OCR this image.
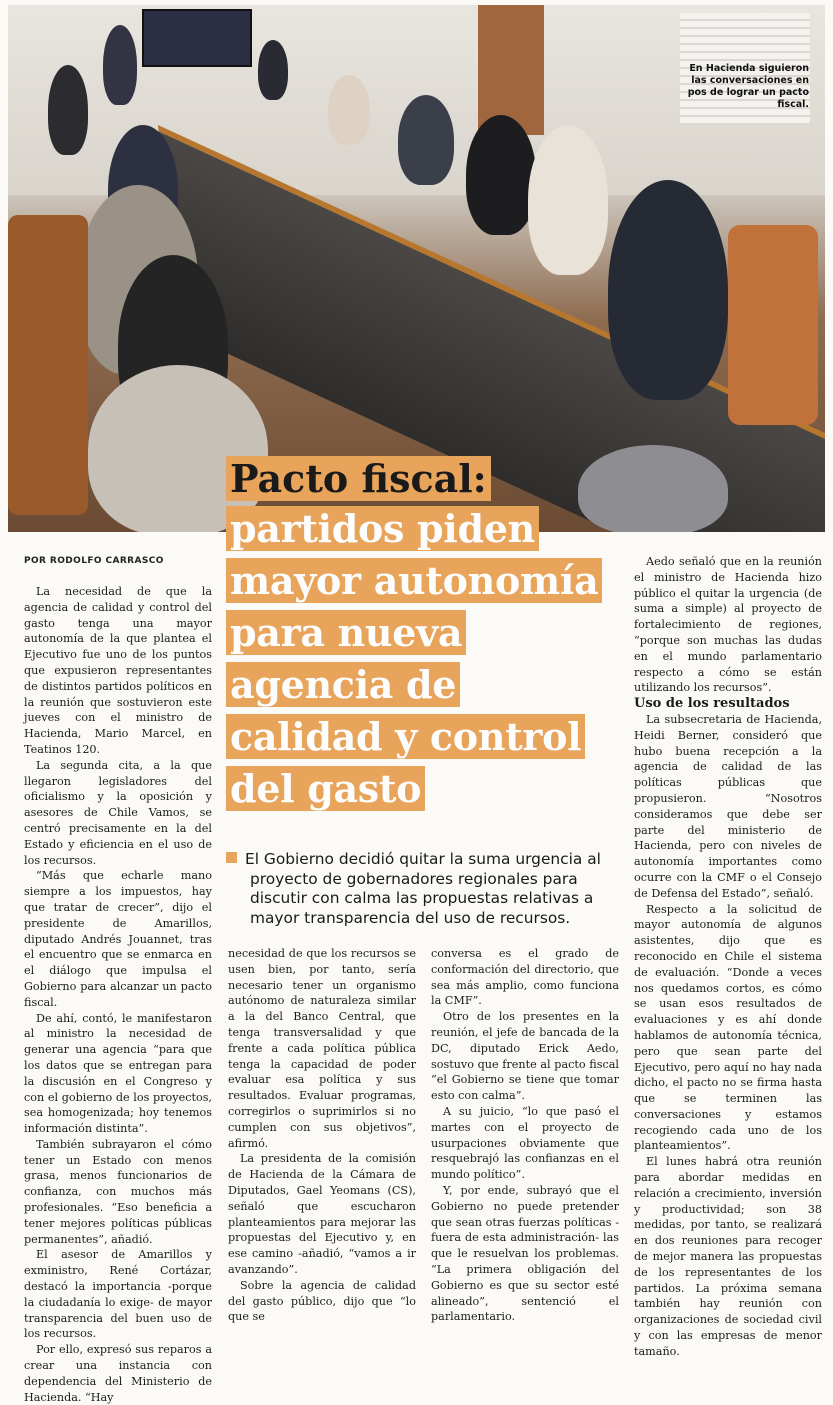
En Hacienda siguieron las conversaciones en pos de lograr un pacto fiscal.
Pacto fiscal:
partidos piden
mayor autonomía
para nueva
agencia de
calidad y control
del gasto
POR RODOLFO CARRASCO
El Gobierno decidió quitar la suma urgencia al proyecto de gobernadores regionales para discutir con calma las propuestas relativas a mayor transparencia del uso de recursos.

La necesidad de que la agencia de calidad y control del gasto tenga una mayor autonomía de la que plantea el Ejecutivo fue uno de los puntos que expusieron representantes de distintos partidos políticos en la reunión que sostuvieron este jueves con el ministro de Hacienda, Mario Marcel, en Teatinos 120.

La segunda cita, a la que llegaron legisladores del oficialismo y la oposición y asesores de Chile Vamos, se centró precisamente en la del Estado y eficiencia en el uso de los recursos.

“Más que echarle mano siempre a los impuestos, hay que tratar de crecer”, dijo el presidente de Amarillos, diputado Andrés Jouannet, tras el encuentro que se enmarca en el diálogo que impulsa el Gobierno para alcanzar un pacto fiscal.

De ahí, contó, le manifestaron al ministro la necesidad de generar una agencia “para que los datos que se entregan para la discusión en el Congreso y con el gobierno de los proyectos, sea homogenizada; hoy tenemos información distinta”.

También subrayaron el cómo tener un Estado con menos grasa, menos funcionarios de confianza, con muchos más profesionales. “Eso beneficia a tener mejores políticas públicas permanentes”, añadió.

El asesor de Amarillos y exministro, René Cortázar, destacó la importancia -porque la ciudadanía lo exige- de mayor transparencia del buen uso de los recursos.

Por ello, expresó sus reparos a crear una instancia con dependencia del Ministerio de Hacienda. “Hay

necesidad de que los recursos se usen bien, por tanto, sería necesario tener un organismo autónomo de naturaleza similar a la del Banco Central, que tenga transversalidad y que frente a cada política pública tenga la capacidad de poder evaluar esa política y sus resultados. Evaluar programas, corregirlos o suprimirlos si no cumplen con sus objetivos”, afirmó.

La presidenta de la comisión de Hacienda de la Cámara de Diputados, Gael Yeomans (CS), señaló que escucharon planteamientos para mejorar las propuestas del Ejecutivo y, en ese camino -añadió, “vamos a ir avanzando”.

Sobre la agencia de calidad del gasto público, dijo que “lo que se

conversa es el grado de conformación del directorio, que sea más amplio, como funciona la CMF”.

Otro de los presentes en la reunión, el jefe de bancada de la DC, diputado Erick Aedo, sostuvo que frente al pacto fiscal “el Gobierno se tiene que tomar esto con calma”.

A su juicio, “lo que pasó el martes con el proyecto de usurpaciones obviamente que resquebrajó las confianzas en el mundo político”.

Y, por ende, subrayó que el Gobierno no puede pretender que sean otras fuerzas políticas -fuera de esta administración- las que le resuelvan los problemas. “La primera obligación del Gobierno es que su sector esté alineado”, sentenció el parlamentario.

Aedo señaló que en la reunión el ministro de Hacienda hizo público el quitar la urgencia (de suma a simple) al proyecto de fortalecimiento de regiones, “porque son muchas las dudas en el mundo parlamentario respecto a cómo se están utilizando los recursos”.

Uso de los resultados

La subsecretaria de Hacienda, Heidi Berner, consideró que hubo buena recepción a la agencia de calidad de las políticas públicas que propusieron. “Nosotros consideramos que debe ser parte del ministerio de Hacienda, pero con niveles de autonomía importantes como ocurre con la CMF o el Consejo de Defensa del Estado”, señaló.

Respecto a la solicitud de mayor autonomía de algunos asistentes, dijo que es reconocido en Chile el sistema de evaluación. “Donde a veces nos quedamos cortos, es cómo se usan esos resultados de evaluaciones y es ahí donde hablamos de autonomía técnica, pero que sean parte del Ejecutivo, pero aquí no hay nada dicho, el pacto no se firma hasta que se terminen las conversaciones y estamos recogiendo cada uno de los planteamientos”.

El lunes habrá otra reunión para abordar medidas en relación a crecimiento, inversión y productividad; son 38 medidas, por tanto, se realizará en dos reuniones para recoger de mejor manera las propuestas de los representantes de los partidos. La próxima semana también hay reunión con organizaciones de sociedad civil y con las empresas de menor tamaño.
